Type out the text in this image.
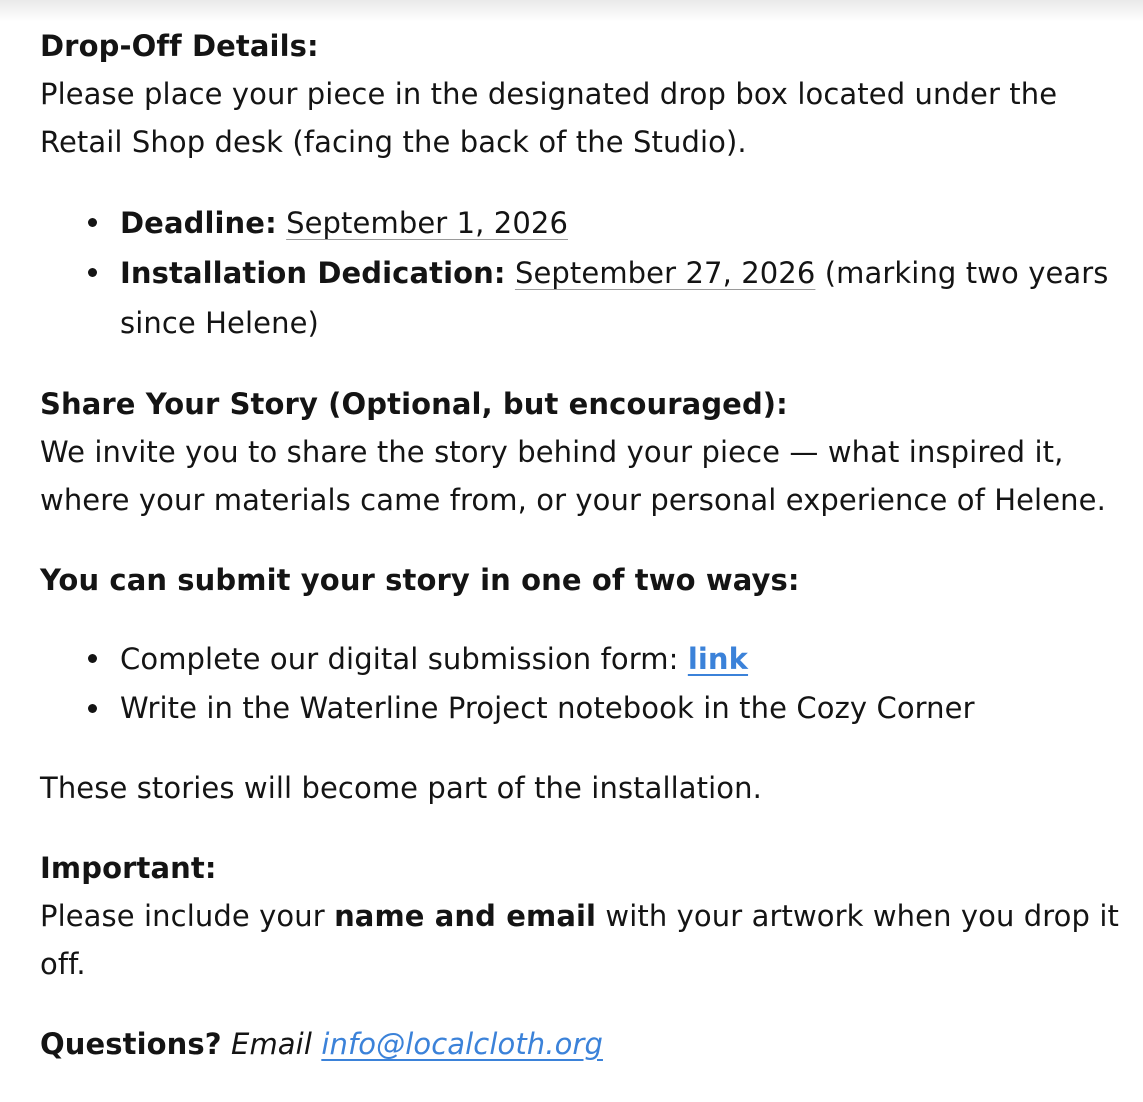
Drop-Off Details:
Please place your piece in the designated drop box located under the Retail Shop desk (facing the back of the Studio).

Deadline: September 1, 2026
Installation Dedication: September 27, 2026 (marking two years since Helene)

Share Your Story (Optional, but encouraged):
We invite you to share the story behind your piece — what inspired it, where your materials came from, or your personal experience of Helene.

You can submit your story in one of two ways:

Complete our digital submission form: link
Write in the Waterline Project notebook in the Cozy Corner

These stories will become part of the installation.

Important:
Please include your name and email with your artwork when you drop it off.

Questions? Email info@localcloth.org
